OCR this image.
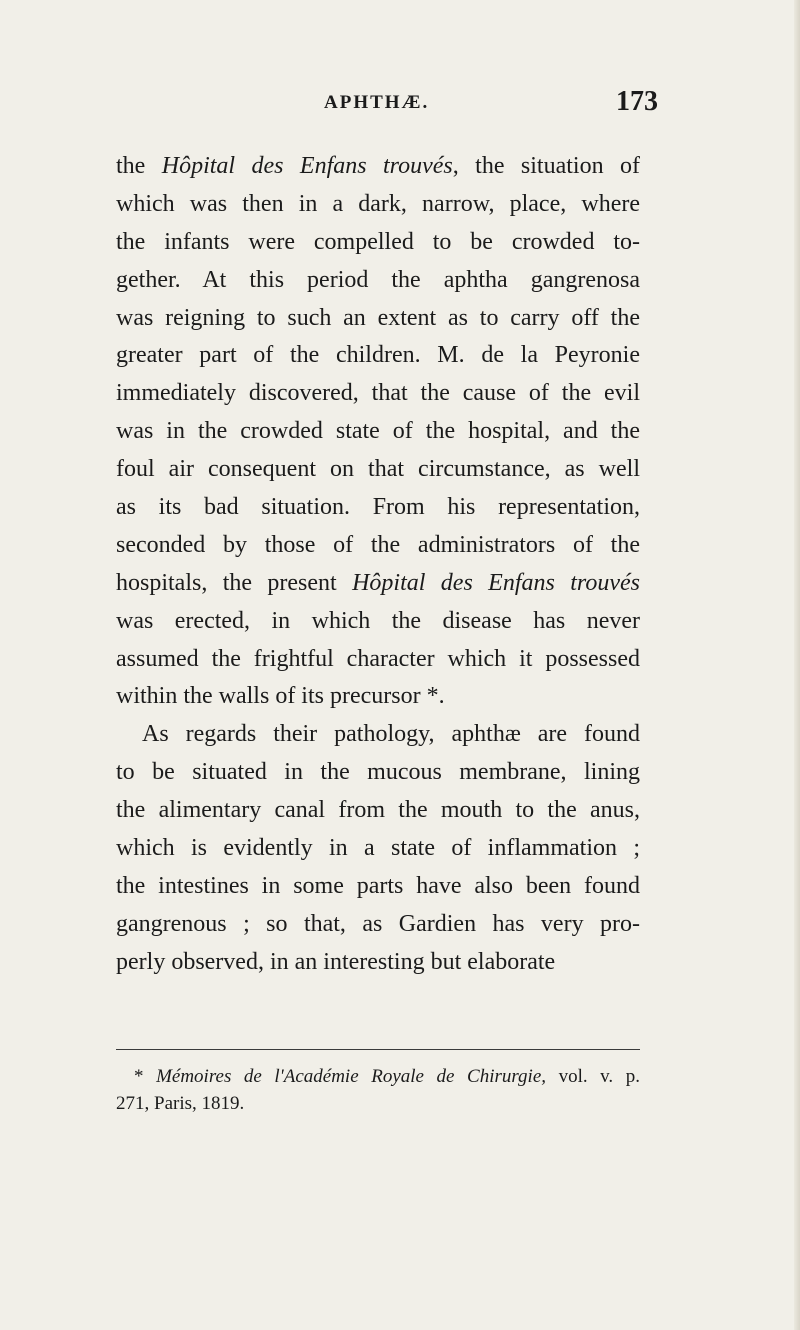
APHTHÆ.	173
the Hôpital des Enfans trouvés, the situation of
which was then in a dark, narrow, place, where
the infants were compelled to be crowded to-
gether. At this period the aphtha gangrenosa
was reigning to such an extent as to carry off the
greater part of the children. M. de la Peyronie
immediately discovered, that the cause of the evil
was in the crowded state of the hospital, and the
foul air consequent on that circumstance, as well
as its bad situation. From his representation,
seconded by those of the administrators of the
hospitals, the present Hôpital des Enfans trouvés
was erected, in which the disease has never
assumed the frightful character which it possessed
within the walls of its precursor *.
As regards their pathology, aphthæ are found
to be situated in the mucous membrane, lining
the alimentary canal from the mouth to the anus,
which is evidently in a state of inflammation ;
the intestines in some parts have also been found
gangrenous ; so that, as Gardien has very pro-
perly observed, in an interesting but elaborate
* Mémoires de l'Académie Royale de Chirurgie, vol. v. p.
271, Paris, 1819.
